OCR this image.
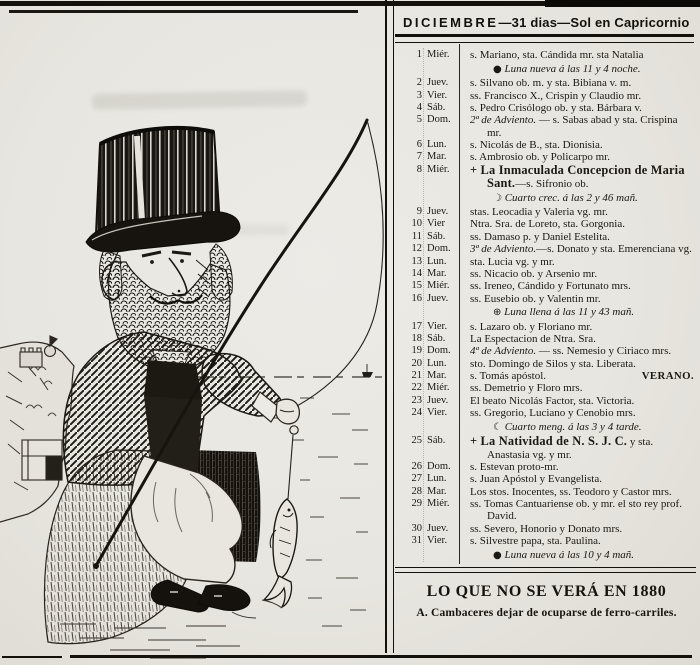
DICIEMBRE—31 dias—Sol en Capricornio
1 Miér.	s. Mariano, sta. Cándida mr. sta Natalia
● Luna nueva á las 11 y 4 noche.
2 Juev.	s. Silvano ob. m. y sta. Bibiana v. m.
3 Vier.	ss. Francisco X., Crispin y Claudio mr.
4 Sáb.	s. Pedro Crisólogo ob. y sta. Bárbara v.
5 Dom.	2ª de Adviento. — s. Sabas abad y sta. Crispina mr.
6 Lun.	s. Nicolás de B., sta. Dionisia.
7 Mar.	s. Ambrosio ob. y Policarpo mr.
8 Miér.	+ La Inmaculada Concepcion de Maria Sant.—s. Sifronio ob.
☽ Cuarto crec. á las 2 y 46 mañ.
9 Juev.	stas. Leocadia y Valeria vg. mr.
10 Vier	Ntra. Sra. de Loreto, sta. Gorgonia.
11 Sáb.	ss. Damaso p. y Daniel Estelita.
12 Dom.	3ª de Adviento.—s. Donato y sta. Emerenciana vg.
13 Lun.	sta. Lucia vg. y mr.
14 Mar.	ss. Nicacio ob. y Arsenio mr.
15 Miér.	ss. Ireneo, Cándido y Fortunato mrs.
16 Juev.	ss. Eusebio ob. y Valentin mr.
⊕ Luna llena á las 11 y 43 mañ.
17 Vier.	s. Lazaro ob. y Floriano mr.
18 Sáb.	La Espectacion de Ntra. Sra.
19 Dom.	4ª de Adviento. — ss. Nemesio y Ciriaco mrs.
20 Lun.	sto. Domingo de Silos y sta. Liberata.
21 Mar.	s. Tomás apóstol.	VERANO.
22 Miér.	ss. Demetrio y Floro mrs.
23 Juev.	El beato Nicolás Factor, sta. Victoria.
24 Vier.	ss. Gregorio, Luciano y Cenobio mrs.
☾ Cuarto meng. á las 3 y 4 tarde.
25 Sáb.	+ La Natividad de N. S. J. C. y sta. Anastasia vg. y mr.
26 Dom.	s. Estevan proto-mr.
27 Lun.	s. Juan Apóstol y Evangelista.
28 Mar.	Los stos. Inocentes, ss. Teodoro y Castor mrs.
29 Miér.	ss. Tomas Cantuariense ob. y mr. el sto rey prof. David.
30 Juev.	ss. Severo, Honorio y Donato mrs.
31 Vier.	s. Silvestre papa, sta. Paulina.
● Luna nueva á las 10 y 4 mañ.
LO QUE NO SE VERÁ EN 1880
A. Cambaceres dejar de ocuparse de ferro-carriles.
